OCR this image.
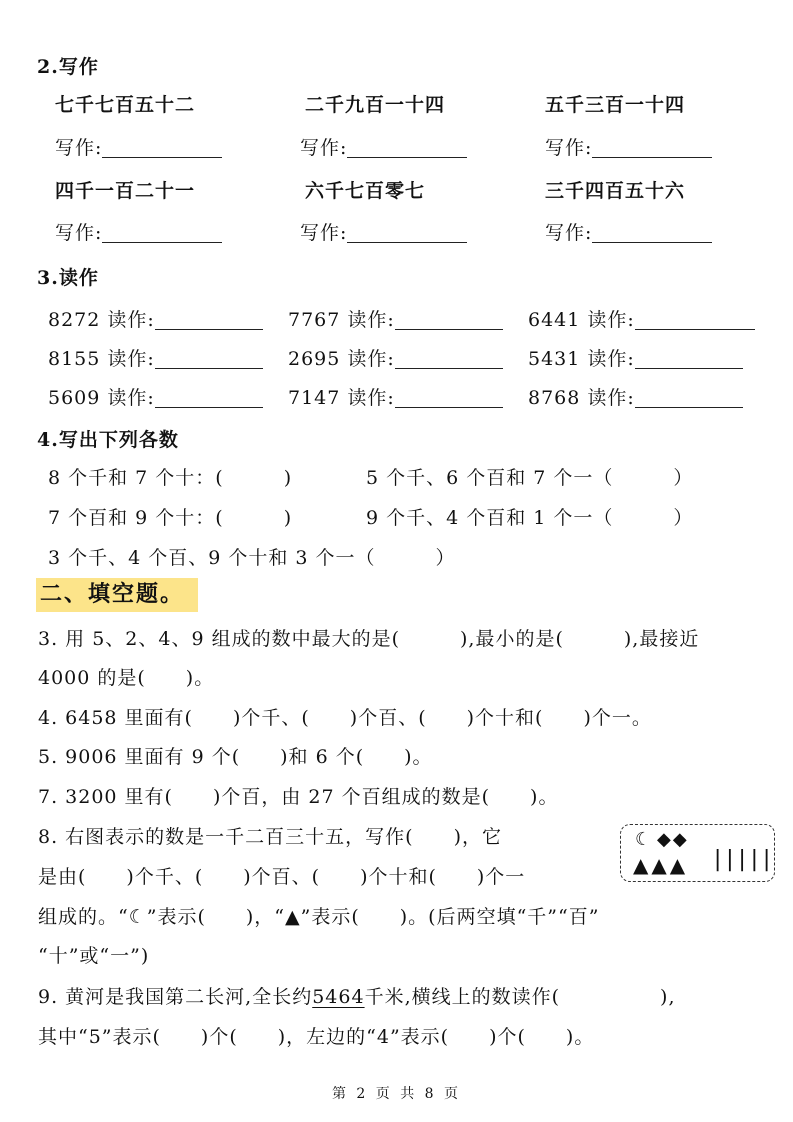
2.写作
七千七百五十二	二千九百一十四	五千三百一十四
写作:	写作:	写作:
四千一百二十一	六千七百零七	三千四百五十六
写作:	写作:	写作:
3.读作
8272 读作:	7767 读作:	6441 读作:
8155 读作:	2695 读作:	5431 读作:
5609 读作:	7147 读作:	8768 读作:
4.写出下列各数
8 个千和 7 个十：(　　　)	5 个千、6 个百和 7 个一（　　　）
7 个百和 9 个十：(　　　)	9 个千、4 个百和 1 个一（　　　）
3 个千、4 个百、9 个十和 3 个一（　　　）
二、填空题。
3. 用 5、2、4、9 组成的数中最大的是(　　　),最小的是(　　　),最接近
4000 的是(　　)。
4. 6458 里面有(　　)个千、(　　)个百、(　　)个十和(　　)个一。
5. 9006 里面有 9 个(　　)和 6 个(　　)。
7. 3200 里有(　　)个百，由 27 个百组成的数是(　　)。
8. 右图表示的数是一千二百三十五，写作(　　)，它
是由(　　)个千、(　　)个百、(　　)个十和(　　)个一
组成的。“☾”表示(　　)，“▲”表示(　　)。(后两空填“千”“百”
“十”或“一”)
☾ ◆◆
▲▲▲ |||||
9. 黄河是我国第二长河,全长约5464千米,横线上的数读作(　　　　　),
其中“5”表示(　　)个(　　)，左边的“4”表示(　　)个(　　)。
第 2 页 共 8 页
